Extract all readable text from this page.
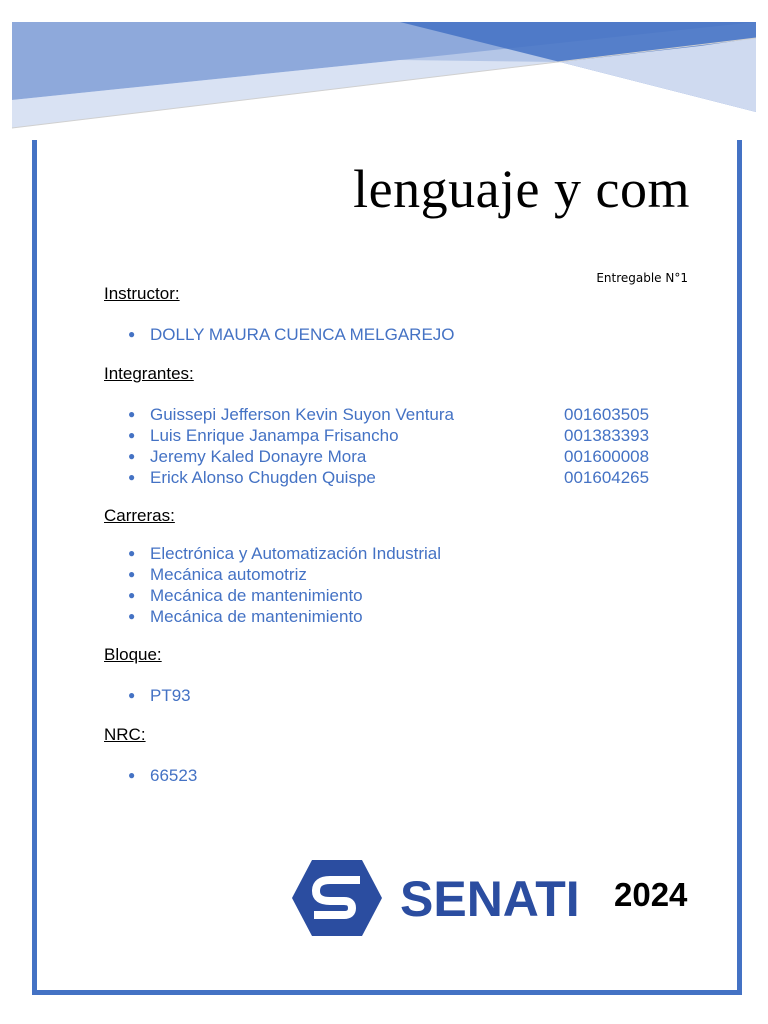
lenguaje y com
Entregable N°1

Instructor:

● DOLLY MAURA CUENCA MELGAREJO

Integrantes:

● Guissepi Jefferson Kevin Suyon Ventura	001603505
● Luis Enrique Janampa Frisancho	001383393
● Jeremy Kaled Donayre Mora	001600008
● Erick Alonso Chugden Quispe	001604265

Carreras:

● Electrónica y Automatización Industrial
● Mecánica automotriz
● Mecánica de mantenimiento
● Mecánica de mantenimiento

Bloque:

● PT93

NRC:

● 66523
SENATI 2024
